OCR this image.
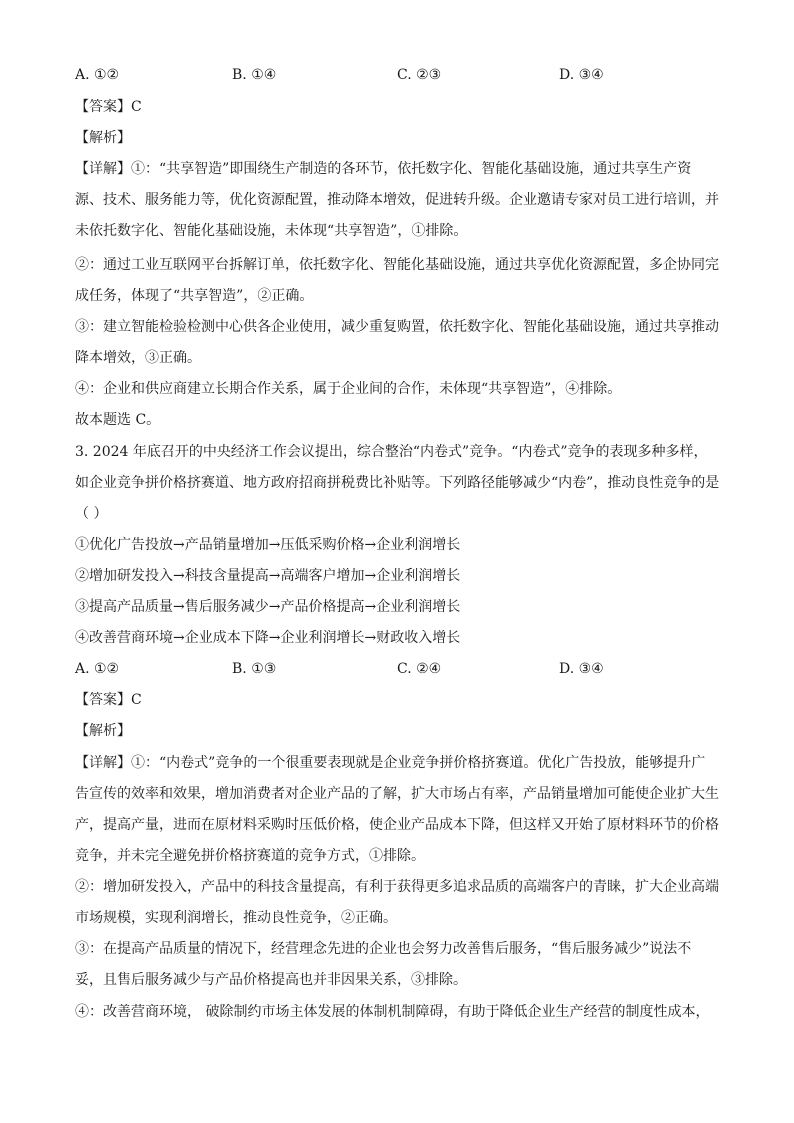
A. ①②	B. ①④	C. ②③	D. ③④
【答案】C
【解析】
【详解】①：“共享智造”即围绕生产制造的各环节，依托数字化、智能化基础设施，通过共享生产资
源、技术、服务能力等，优化资源配置，推动降本增效，促进转升级。企业邀请专家对员工进行培训，并
未依托数字化、智能化基础设施，未体现“共享智造”，①排除。
②：通过工业互联网平台拆解订单，依托数字化、智能化基础设施，通过共享优化资源配置，多企协同完
成任务，体现了“共享智造”，②正确。
③：建立智能检验检测中心供各企业使用，减少重复购置，依托数字化、智能化基础设施，通过共享推动
降本增效，③正确。
④：企业和供应商建立长期合作关系，属于企业间的合作，未体现“共享智造”，④排除。
故本题选 C。
3. 2024 年底召开的中央经济工作会议提出，综合整治“内卷式”竞争。“内卷式”竞争的表现多种多样，
如企业竞争拼价格挤赛道、地方政府招商拼税费比补贴等。下列路径能够减少“内卷”，推动良性竞争的是
（ ）
①优化广告投放→产品销量增加→压低采购价格→企业利润增长
②增加研发投入→科技含量提高→高端客户增加→企业利润增长
③提高产品质量→售后服务减少→产品价格提高→企业利润增长
④改善营商环境→企业成本下降→企业利润增长→财政收入增长
A. ①②	B. ①③	C. ②④	D. ③④
【答案】C
【解析】
【详解】①：“内卷式”竞争的一个很重要表现就是企业竞争拼价格挤赛道。优化广告投放，能够提升广
告宣传的效率和效果，增加消费者对企业产品的了解，扩大市场占有率，产品销量增加可能使企业扩大生
产，提高产量，进而在原材料采购时压低价格，使企业产品成本下降，但这样又开始了原材料环节的价格
竞争，并未完全避免拼价格挤赛道的竞争方式，①排除。
②：增加研发投入，产品中的科技含量提高，有利于获得更多追求品质的高端客户的青睐，扩大企业高端
市场规模，实现利润增长，推动良性竞争，②正确。
③：在提高产品质量的情况下，经营理念先进的企业也会努力改善售后服务，“售后服务减少”说法不
妥，且售后服务减少与产品价格提高也并非因果关系，③排除。
④：改善营商环境， 破除制约市场主体发展的体制机制障碍，有助于降低企业生产经营的制度性成本，
